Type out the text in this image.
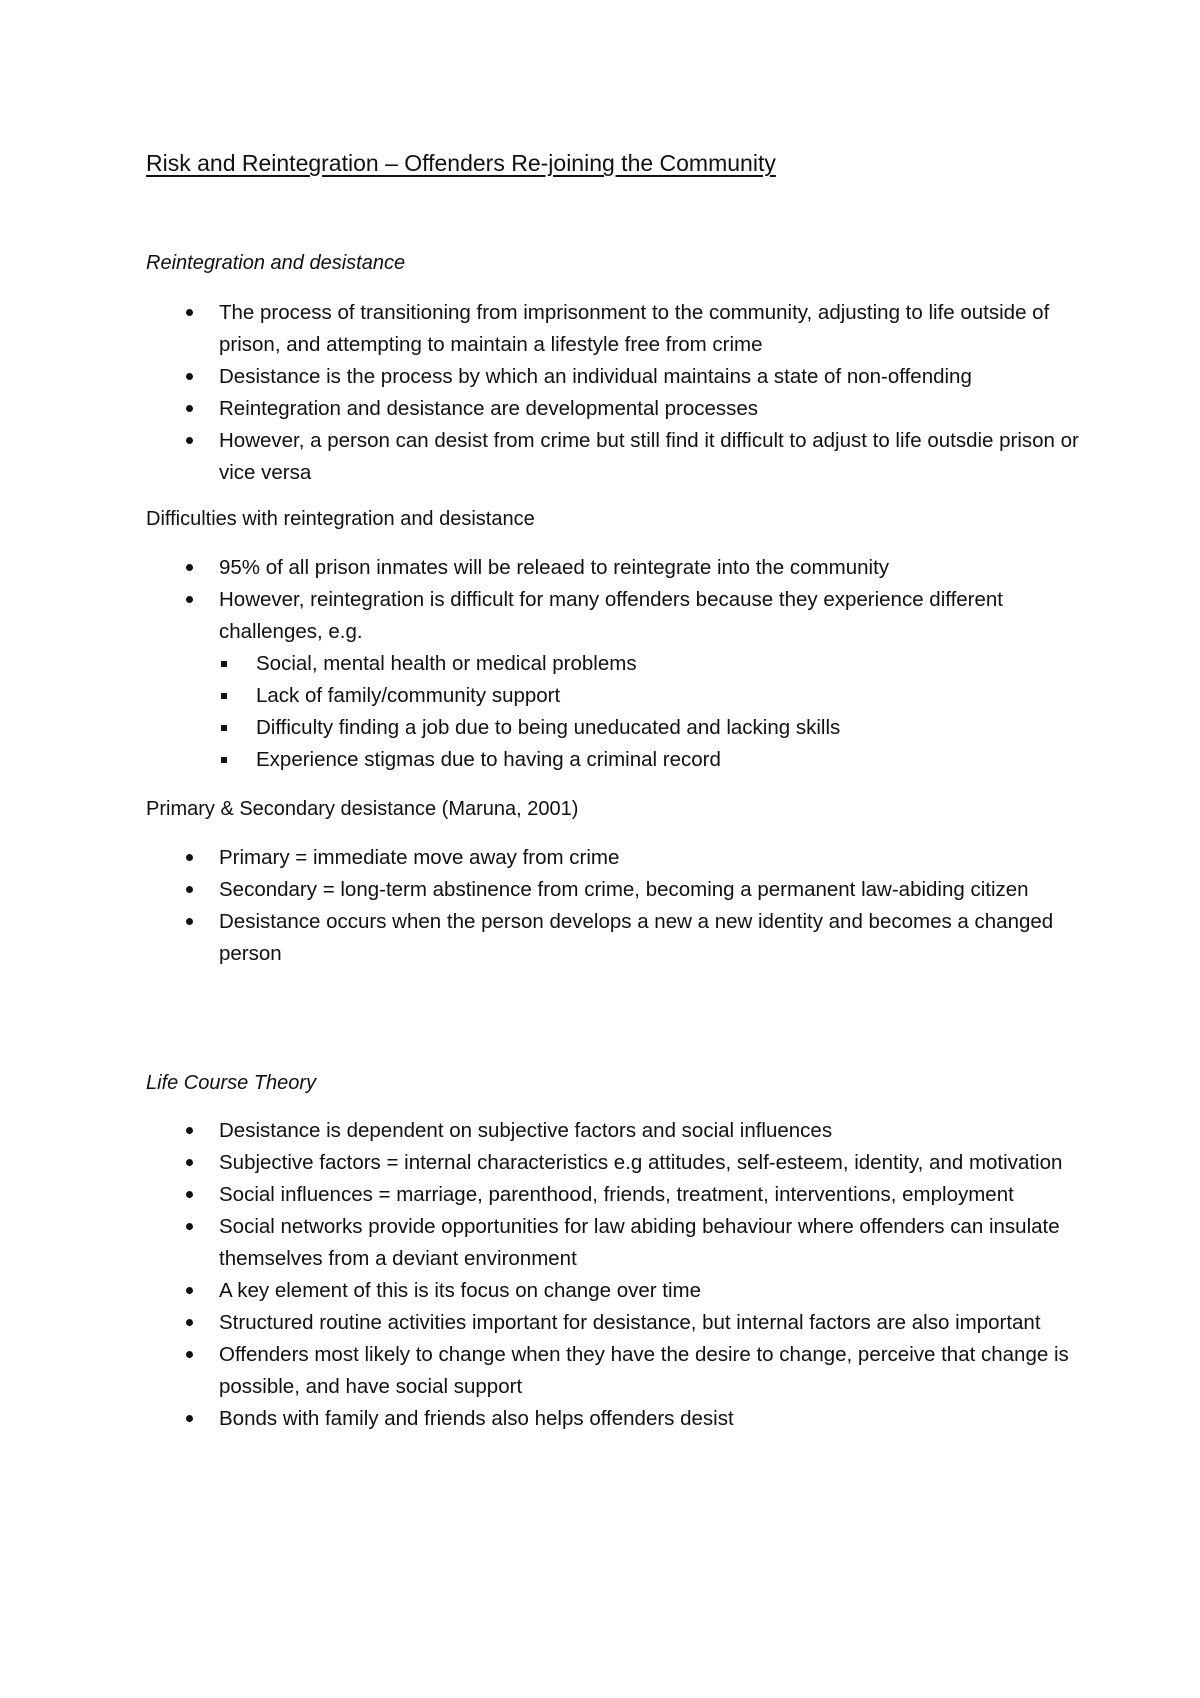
Risk and Reintegration – Offenders Re-joining the Community
Reintegration and desistance
The process of transitioning from imprisonment to the community, adjusting to life outside of prison, and attempting to maintain a lifestyle free from crime
Desistance is the process by which an individual maintains a state of non-offending
Reintegration and desistance are developmental processes
However, a person can desist from crime but still find it difficult to adjust to life outsdie prison or vice versa
Difficulties with reintegration and desistance
95% of all prison inmates will be releaed to reintegrate into the community
However, reintegration is difficult for many offenders because they experience different challenges, e.g.
Social, mental health or medical problems
Lack of family/community support
Difficulty finding a job due to being uneducated and lacking skills
Experience stigmas due to having a criminal record
Primary & Secondary desistance (Maruna, 2001)
Primary = immediate move away from crime
Secondary = long-term abstinence from crime, becoming a permanent law-abiding citizen
Desistance occurs when the person develops a new a new identity and becomes a changed person
Life Course Theory
Desistance is dependent on subjective factors and social influences
Subjective factors = internal characteristics e.g attitudes, self-esteem, identity, and motivation
Social influences = marriage, parenthood, friends, treatment, interventions, employment
Social networks provide opportunities for law abiding behaviour where offenders can insulate themselves from a deviant environment
A key element of this is its focus on change over time
Structured routine activities important for desistance, but internal factors are also important
Offenders most likely to change when they have the desire to change, perceive that change is possible, and have social support
Bonds with family and friends also helps offenders desist
